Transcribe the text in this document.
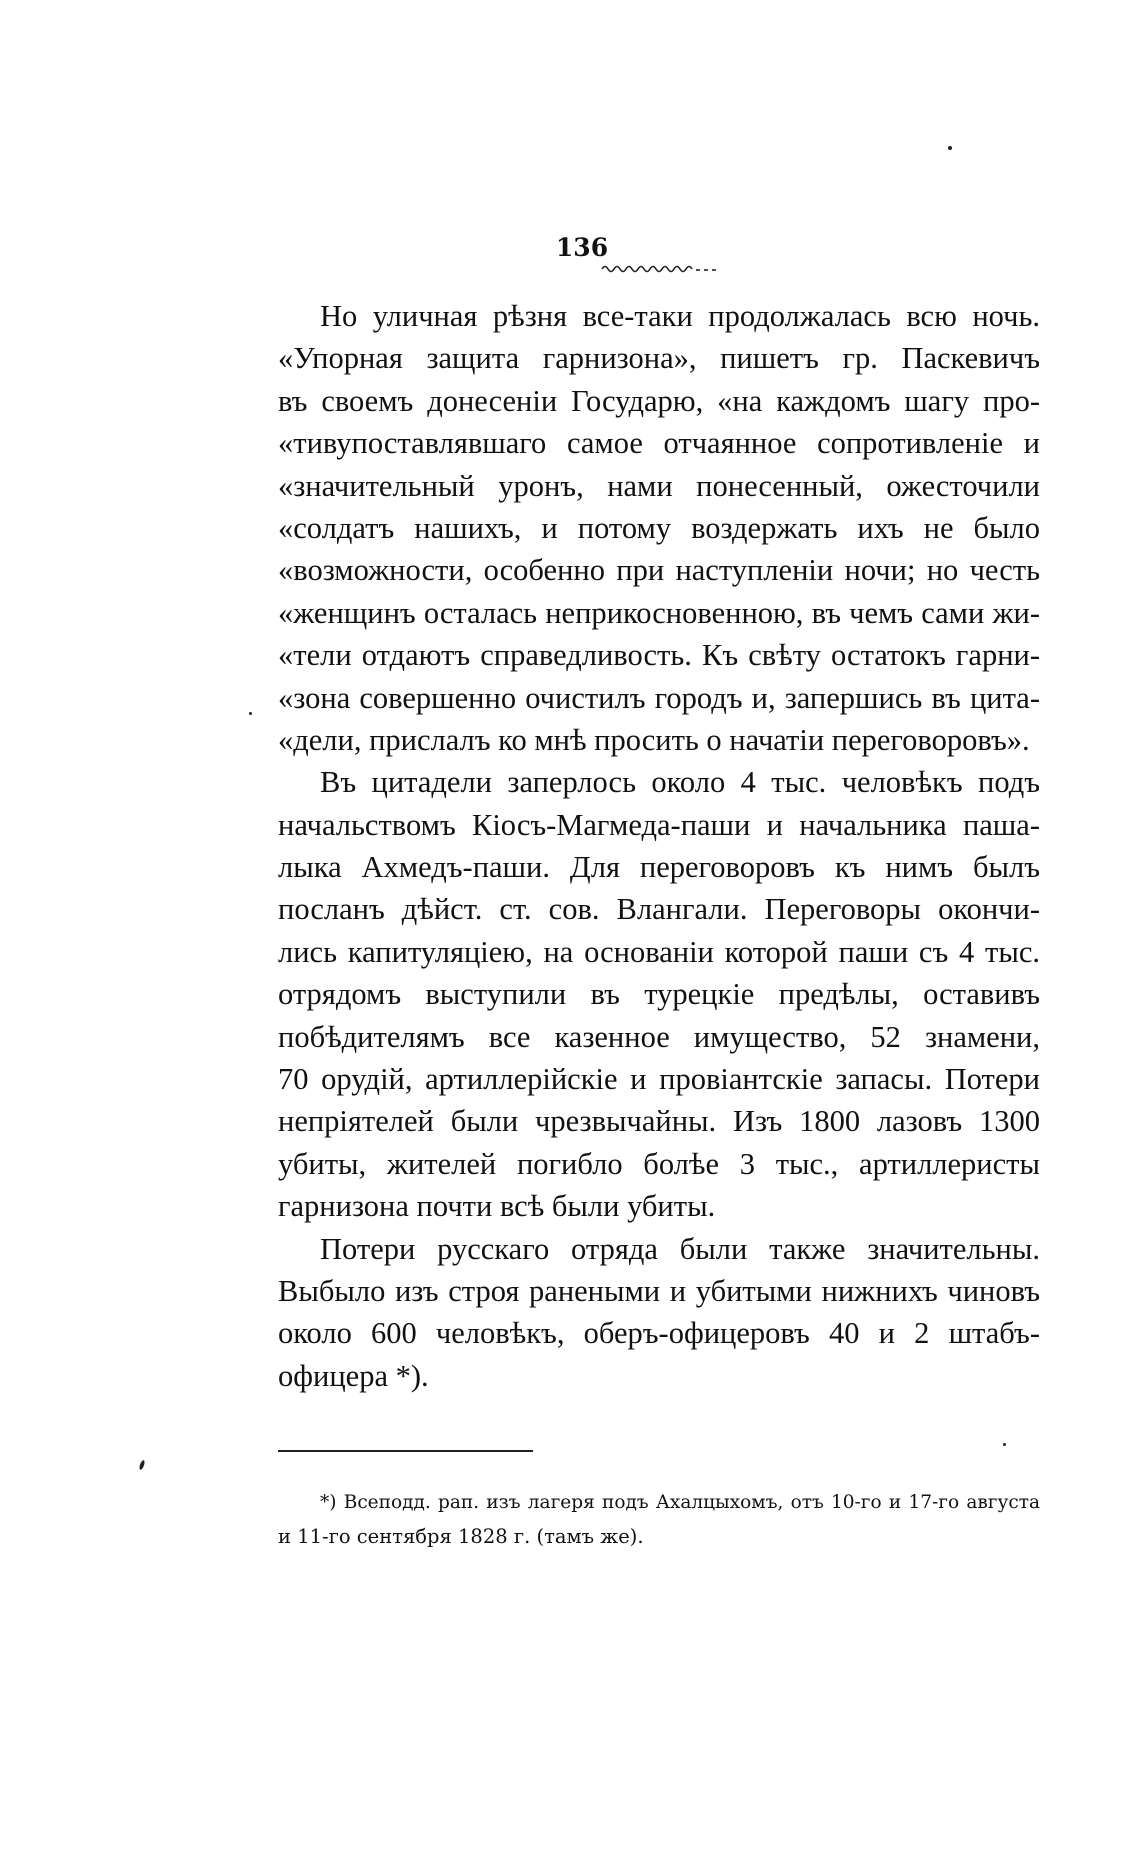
136
Но уличная рѣзня все-таки продолжалась всю ночь.
«Упорная защита гарнизона», пишетъ гр. Паскевичъ
въ своемъ донесеніи Государю, «на каждомъ шагу про-
«тивупоставлявшаго самое отчаянное сопротивленіе и
«значительный уронъ, нами понесенный, ожесточили
«солдатъ нашихъ, и потому воздержать ихъ не было
«возможности, особенно при наступленіи ночи; но честь
«женщинъ осталась неприкосновенною, въ чемъ сами жи-
«тели отдаютъ справедливость. Къ свѣту остатокъ гарни-
«зона совершенно очистилъ городъ и, запершись въ цита-
«дели, прислалъ ко мнѣ просить о начатіи переговоровъ».
Въ цитадели заперлось около 4 тыс. человѣкъ подъ
начальствомъ Кіосъ-Магмеда-паши и начальника паша-
лыка Ахмедъ-паши. Для переговоровъ къ нимъ былъ
посланъ дѣйст. ст. сов. Влангали. Переговоры окончи-
лись капитуляціею, на основаніи которой паши съ 4 тыс.
отрядомъ выступили въ турецкіе предѣлы, оставивъ
побѣдителямъ все казенное имущество, 52 знамени,
70 орудій, артиллерійскіе и провіантскіе запасы. Потери
непріятелей были чрезвычайны. Изъ 1800 лазовъ 1300
убиты, жителей погибло болѣе 3 тыс., артиллеристы
гарнизона почти всѣ были убиты.
Потери русскаго отряда были также значительны.
Выбыло изъ строя ранеными и убитыми нижнихъ чиновъ
около 600 человѣкъ, оберъ-офицеровъ 40 и 2 штабъ-
офицера *).
*) Всеподд. рап. изъ лагеря подъ Ахалцыхомъ, отъ 10-го и 17-го августа
и 11-го сентября 1828 г. (тамъ же).
